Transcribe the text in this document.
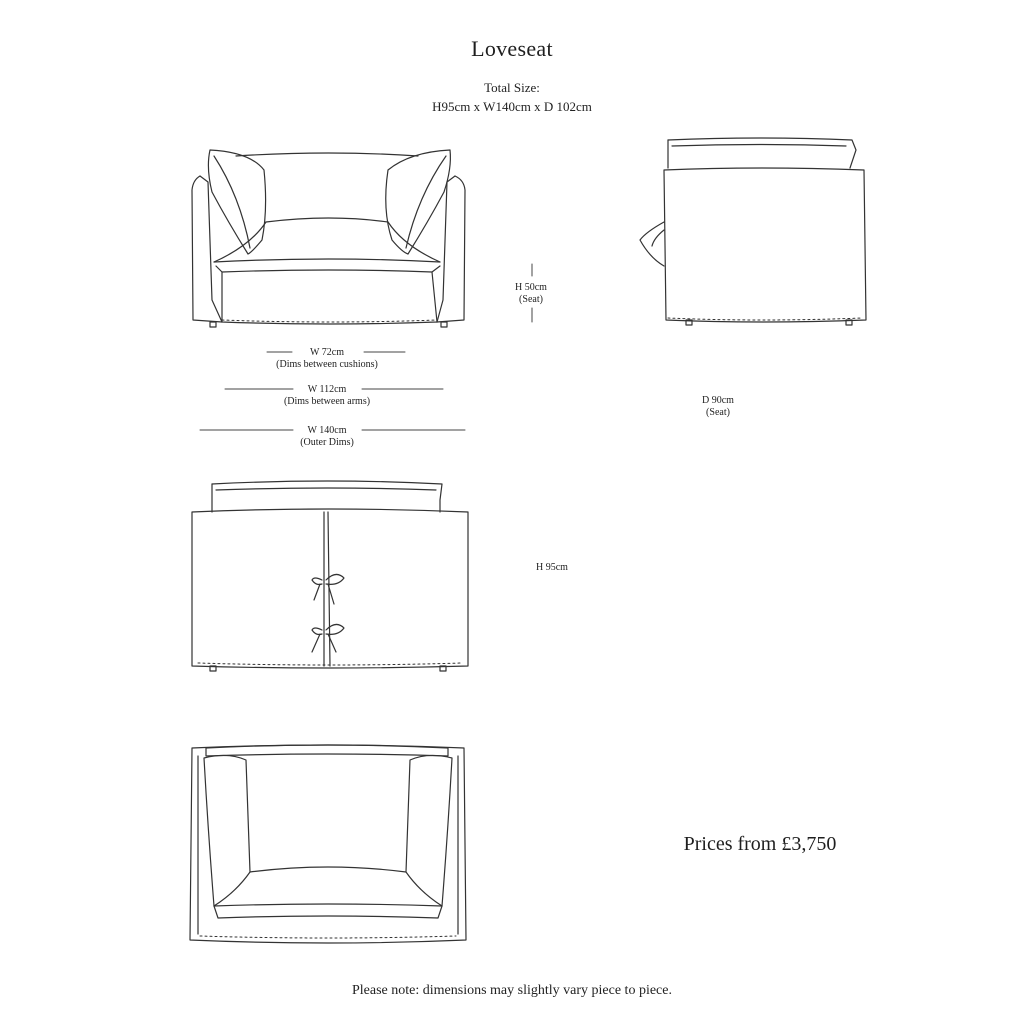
Loveseat
Total Size:
H95cm x W140cm x D 102cm
H 50cm
(Seat)
W 72cm
(Dims between cushions)
W 112cm
(Dims between arms)
W 140cm
(Outer Dims)
D 90cm
(Seat)
H 95cm
Prices from £3,750
Please note: dimensions may slightly vary piece to piece.
